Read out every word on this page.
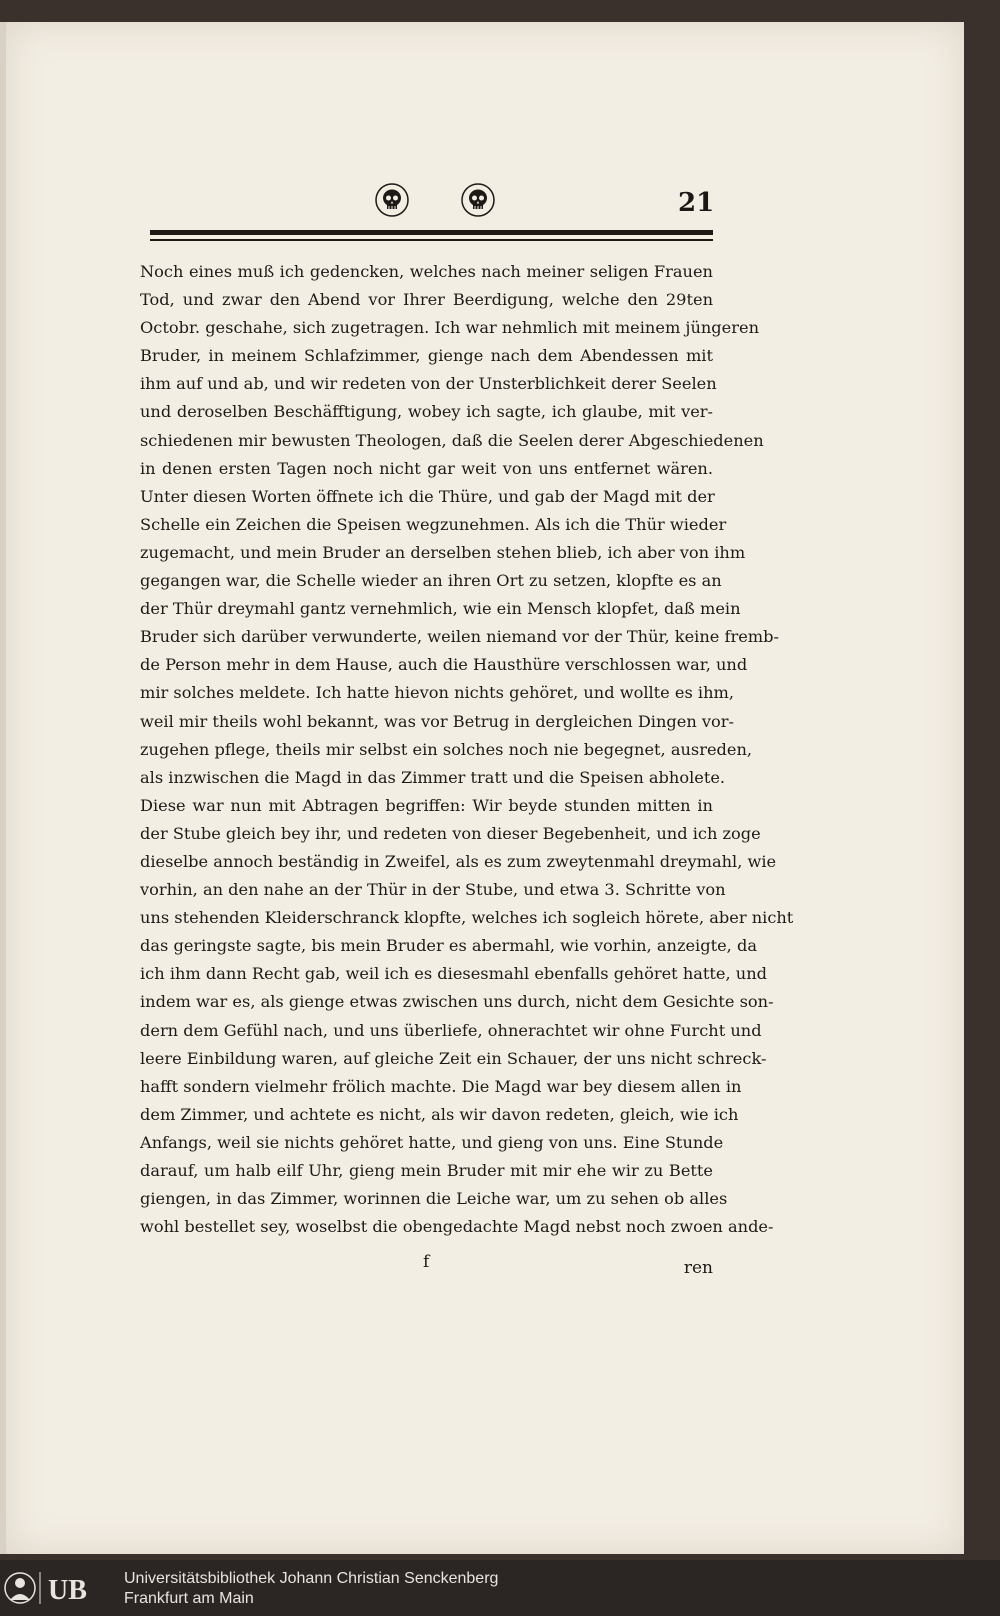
21
Noch eines muß ich gedencken, welches nach meiner seligen Frauen
Tod, und zwar den Abend vor Ihrer Beerdigung, welche den 29ten
Octobr. geschahe, sich zugetragen. Ich war nehmlich mit meinem jüngeren
Bruder, in meinem Schlafzimmer, gienge nach dem Abendessen mit
ihm auf und ab, und wir redeten von der Unsterblichkeit derer Seelen
und deroselben Beschäfftigung, wobey ich sagte, ich glaube, mit ver-
schiedenen mir bewusten Theologen, daß die Seelen derer Abgeschiedenen
in denen ersten Tagen noch nicht gar weit von uns entfernet wären.
Unter diesen Worten öffnete ich die Thüre, und gab der Magd mit der
Schelle ein Zeichen die Speisen wegzunehmen. Als ich die Thür wieder
zugemacht, und mein Bruder an derselben stehen blieb, ich aber von ihm
gegangen war, die Schelle wieder an ihren Ort zu setzen, klopfte es an
der Thür dreymahl gantz vernehmlich, wie ein Mensch klopfet, daß mein
Bruder sich darüber verwunderte, weilen niemand vor der Thür, keine fremb-
de Person mehr in dem Hause, auch die Hausthüre verschlossen war, und
mir solches meldete. Ich hatte hievon nichts gehöret, und wollte es ihm,
weil mir theils wohl bekannt, was vor Betrug in dergleichen Dingen vor-
zugehen pflege, theils mir selbst ein solches noch nie begegnet, ausreden,
als inzwischen die Magd in das Zimmer tratt und die Speisen abholete.
Diese war nun mit Abtragen begriffen: Wir beyde stunden mitten in
der Stube gleich bey ihr, und redeten von dieser Begebenheit, und ich zoge
dieselbe annoch beständig in Zweifel, als es zum zweytenmahl dreymahl, wie
vorhin, an den nahe an der Thür in der Stube, und etwa 3. Schritte von
uns stehenden Kleiderschranck klopfte, welches ich sogleich hörete, aber nicht
das geringste sagte, bis mein Bruder es abermahl, wie vorhin, anzeigte, da
ich ihm dann Recht gab, weil ich es diesesmahl ebenfalls gehöret hatte, und
indem war es, als gienge etwas zwischen uns durch, nicht dem Gesichte son-
dern dem Gefühl nach, und uns überliefe, ohnerachtet wir ohne Furcht und
leere Einbildung waren, auf gleiche Zeit ein Schauer, der uns nicht schreck-
hafft sondern vielmehr frölich machte. Die Magd war bey diesem allen in
dem Zimmer, und achtete es nicht, als wir davon redeten, gleich, wie ich
Anfangs, weil sie nichts gehöret hatte, und gieng von uns. Eine Stunde
darauf, um halb eilf Uhr, gieng mein Bruder mit mir ehe wir zu Bette
giengen, in das Zimmer, worinnen die Leiche war, um zu sehen ob alles
wohl bestellet sey, woselbst die obengedachte Magd nebst noch zwoen ande-
f	ren
UB Universitätsbibliothek Johann Christian Senckenberg
Frankfurt am Main
